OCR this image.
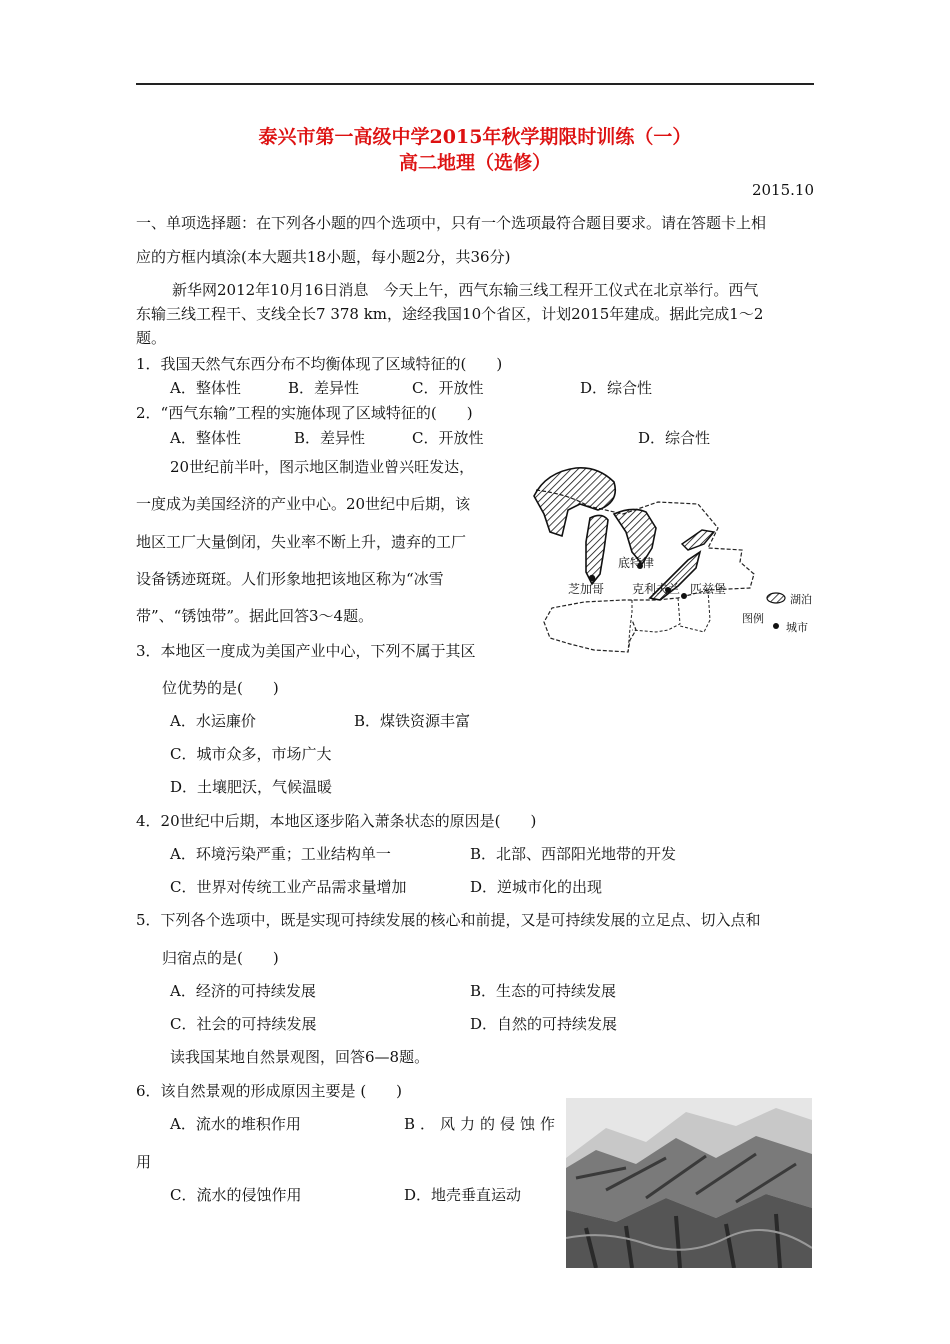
泰兴市第一高级中学2015年秋学期限时训练（一）
高二地理（选修）
2015.10
一、单项选择题：在下列各小题的四个选项中，只有一个选项最符合题目要求。请在答题卡上相
应的方框内填涂(本大题共18小题，每小题2分，共36分)
新华网2012年10月16日消息　今天上午，西气东输三线工程开工仪式在北京举行。西气
东输三线工程干、支线全长7 378 km，途经我国10个省区，计划2015年建成。据此完成1～2
题。
1．我国天然气东西分布不均衡体现了区域特征的(　　)
A．整体性	B．差异性	C．开放性	D．综合性
2．“西气东输”工程的实施体现了区域特征的(　　)
A．整体性	B．差异性	C．开放性	D．综合性
20世纪前半叶，图示地区制造业曾兴旺发达，
一度成为美国经济的产业中心。20世纪中后期，该
地区工厂大量倒闭，失业率不断上升，遗弃的工厂
设备锈迹斑斑。人们形象地把该地区称为“冰雪
带”、“锈蚀带”。据此回答3～4题。
底特律
芝加哥 克利夫兰 匹兹堡
图例
湖泊
城市
3．本地区一度成为美国产业中心，下列不属于其区
位优势的是(　　)
A．水运廉价	B．煤铁资源丰富
C．城市众多，市场广大
D．土壤肥沃，气候温暖
4．20世纪中后期，本地区逐步陷入萧条状态的原因是(　　)
A．环境污染严重；工业结构单一	B．北部、西部阳光地带的开发
C．世界对传统工业产品需求量增加	D．逆城市化的出现
5．下列各个选项中，既是实现可持续发展的核心和前提，又是可持续发展的立足点、切入点和
归宿点的是(　　)
A．经济的可持续发展	B．生态的可持续发展
C．社会的可持续发展	D．自然的可持续发展
读我国某地自然景观图，回答6—8题。
6．该自然景观的形成原因主要是 (　　)
A．流水的堆积作用	B．风力的侵蚀作
用
C．流水的侵蚀作用	D．地壳垂直运动
